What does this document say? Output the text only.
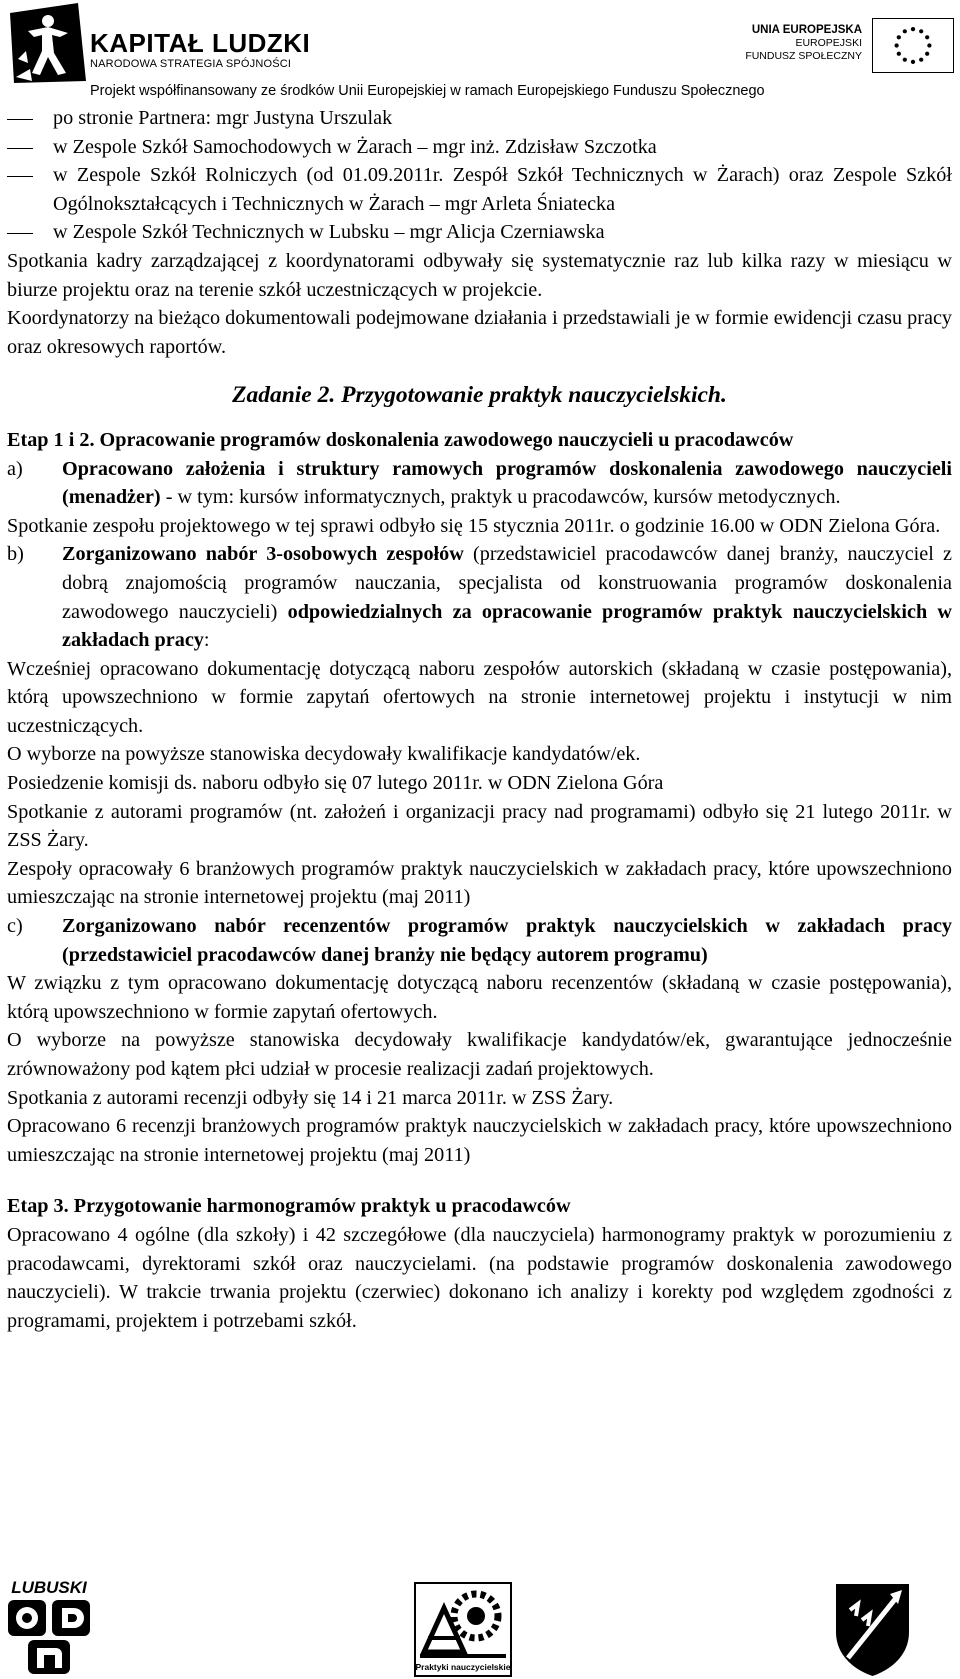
KAPITAŁ LUDZKI
NARODOWA STRATEGIA SPÓJNOŚCI
UNIA EUROPEJSKA
EUROPEJSKI
FUNDUSZ SPOŁECZNY
Projekt współfinansowany ze środków Unii Europejskiej w ramach Europejskiego Funduszu Społecznego

po stronie Partnera: mgr Justyna Urszulak

w Zespole Szkół Samochodowych w Żarach – mgr inż. Zdzisław Szczotka

w Zespole Szkół Rolniczych (od 01.09.2011r. Zespół Szkół Technicznych w Żarach) oraz Zespole Szkół Ogólnokształcących i Technicznych w Żarach – mgr Arleta Śniatecka

w Zespole Szkół Technicznych w Lubsku – mgr Alicja Czerniawska

Spotkania kadry zarządzającej z koordynatorami odbywały się systematycznie raz lub kilka razy w miesiącu w biurze projektu oraz na terenie szkół uczestniczących w projekcie.

Koordynatorzy na bieżąco dokumentowali podejmowane działania i przedstawiali je w formie ewidencji czasu pracy oraz okresowych raportów.

Zadanie 2. Przygotowanie praktyk nauczycielskich.

Etap 1 i 2. Opracowanie programów doskonalenia zawodowego nauczycieli u pracodawców

a) Opracowano założenia i struktury ramowych programów doskonalenia zawodowego nauczycieli (menadżer) - w tym: kursów informatycznych, praktyk u pracodawców, kursów metodycznych.

Spotkanie zespołu projektowego w tej sprawi odbyło się 15 stycznia 2011r. o godzinie 16.00 w ODN Zielona Góra.

b) Zorganizowano nabór 3-osobowych zespołów (przedstawiciel pracodawców danej branży, nauczyciel z dobrą znajomością programów nauczania, specjalista od konstruowania programów doskonalenia zawodowego nauczycieli) odpowiedzialnych za opracowanie programów praktyk nauczycielskich w zakładach pracy:

Wcześniej opracowano dokumentację dotyczącą naboru zespołów autorskich (składaną w czasie postępowania), którą upowszechniono w formie zapytań ofertowych na stronie internetowej projektu i instytucji w nim uczestniczących.

O wyborze na powyższe stanowiska decydowały kwalifikacje kandydatów/ek.

Posiedzenie komisji ds. naboru odbyło się 07 lutego 2011r. w ODN Zielona Góra

Spotkanie z autorami programów (nt. założeń i organizacji pracy nad programami) odbyło się 21 lutego 2011r. w ZSS Żary.

Zespoły opracowały 6 branżowych programów praktyk nauczycielskich w zakładach pracy, które upowszechniono umieszczając na stronie internetowej projektu (maj 2011)

c) Zorganizowano nabór recenzentów programów praktyk nauczycielskich w zakładach pracy (przedstawiciel pracodawców danej branży nie będący autorem programu)

W związku z tym opracowano dokumentację dotyczącą naboru recenzentów (składaną w czasie postępowania), którą upowszechniono w formie zapytań ofertowych.

O wyborze na powyższe stanowiska decydowały kwalifikacje kandydatów/ek, gwarantujące jednocześnie zrównoważony pod kątem płci udział w procesie realizacji zadań projektowych.

Spotkania z autorami recenzji odbyły się 14 i 21 marca 2011r. w ZSS Żary.

Opracowano 6 recenzji branżowych programów praktyk nauczycielskich w zakładach pracy, które upowszechniono umieszczając na stronie internetowej projektu (maj 2011)

Etap 3. Przygotowanie harmonogramów praktyk u pracodawców

Opracowano 4 ogólne (dla szkoły) i 42 szczegółowe (dla nauczyciela) harmonogramy praktyk w porozumieniu z pracodawcami, dyrektorami szkół oraz nauczycielami. (na podstawie programów doskonalenia zawodowego nauczycieli). W trakcie trwania projektu (czerwiec) dokonano ich analizy i korekty pod względem zgodności z programami, projektem i potrzebami szkół.

LUBUSKI
Praktyki nauczycielskie
